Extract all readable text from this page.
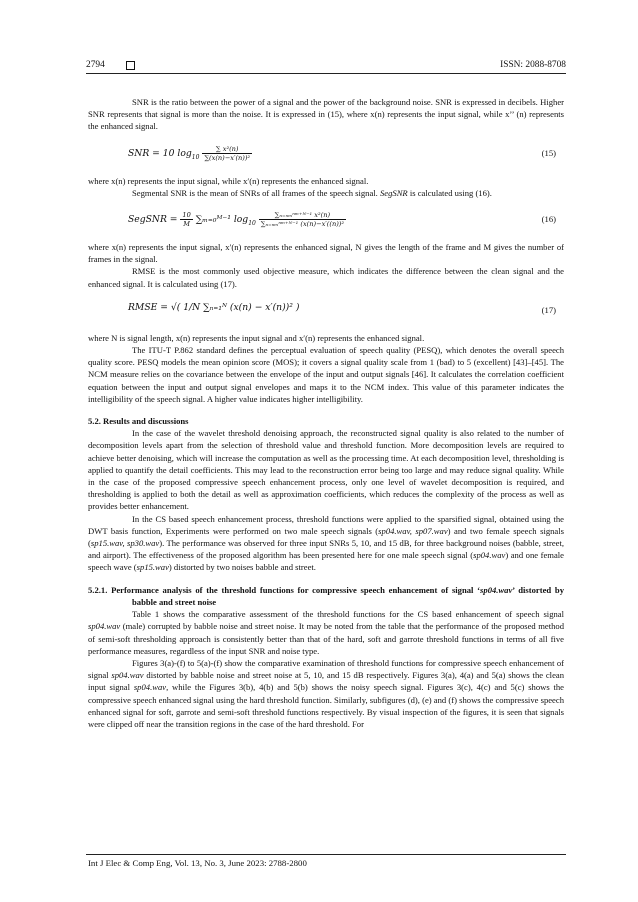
2794	ISSN: 2088-8708

SNR is the ratio between the power of a signal and the power of the background noise. SNR is expressed in decibels. Higher SNR represents that signal is more than the noise. It is expressed in (15), where x(n) represents the input signal, while x’’ (n) represents the enhanced signal.

SNR = 10 $\log_{10} \frac{\text{∑ x²(n)}}{\text{∑(x(n)−x′(n))²}}$	(15)

where x(n) represents the input signal, while x′(n) represents the enhanced signal.

Segmental SNR is the mean of SNRs of all frames of the speech signal. SegSNR is calculated using (16).

SegSNR = $\frac{10}{M}$ ∑ₘ₌₀ᴹ⁻¹ $\log_{10} \frac{\text{∑ₙ₌ₙₘⁿᵐ⁺ᴺ⁻¹ x²(n)}}{\text{∑ₙ₌ₙₘⁿᵐ⁺ᴺ⁻¹ (x(n)−x′((n))²}}$	(16)

where x(n) represents the input signal, x′(n) represents the enhanced signal, N gives the length of the frame and M gives the number of frames in the signal.

RMSE is the most commonly used objective measure, which indicates the difference between the clean signal and the enhanced signal. It is calculated using (17).

RMSE = √( 1/N ∑ₙ₌₁ᴺ (x(n) − x′(n))² )	(17)

where N is signal length, x(n) represents the input signal and x′(n) represents the enhanced signal.

The ITU-T P.862 standard defines the perceptual evaluation of speech quality (PESQ), which denotes the overall speech quality score. PESQ models the mean opinion score (MOS); it covers a signal quality scale from 1 (bad) to 5 (excellent) [43]–[45]. The NCM measure relies on the covariance between the envelope of the input and output signals [46]. It calculates the correlation coefficient equation between the input and output signal envelopes and maps it to the NCM index. This value of this parameter indicates the intelligibility of the speech signal. A higher value indicates higher intelligibility.

5.2. Results and discussions

In the case of the wavelet threshold denoising approach, the reconstructed signal quality is also related to the number of decomposition levels apart from the selection of threshold value and threshold function. More decomposition levels are required to achieve better denoising, which will increase the computation as well as the processing time. At each decomposition level, thresholding is applied to quantify the detail coefficients. This may lead to the reconstruction error being too large and may reduce signal quality. While in the case of the proposed compressive speech enhancement process, only one level of wavelet decomposition is required, and thresholding is applied to both the detail as well as approximation coefficients, which reduces the complexity of the process as well as provides better enhancement.

In the CS based speech enhancement process, threshold functions were applied to the sparsified signal, obtained using the DWT basis function, Experiments were performed on two male speech signals (sp04.wav, sp07.wav) and two female speech signals (sp15.wav, sp30.wav). The performance was observed for three input SNRs 5, 10, and 15 dB, for three background noises (babble, street, and airport). The effectiveness of the proposed algorithm has been presented here for one male speech signal (sp04.wav) and one female speech wave (sp15.wav) distorted by two noises babble and street.

5.2.1. Performance analysis of the threshold functions for compressive speech enhancement of signal ‘sp04.wav’ distorted by babble and street noise

Table 1 shows the comparative assessment of the threshold functions for the CS based enhancement of speech signal sp04.wav (male) corrupted by babble noise and street noise. It may be noted from the table that the performance of the proposed method of semi-soft thresholding approach is consistently better than that of the hard, soft and garrote threshold functions in terms of all five performance measures, regardless of the input SNR and noise type.

Figures 3(a)-(f) to 5(a)-(f) show the comparative examination of threshold functions for compressive speech enhancement of signal sp04.wav distorted by babble noise and street noise at 5, 10, and 15 dB respectively. Figures 3(a), 4(a) and 5(a) shows the clean input signal sp04.wav, while the Figures 3(b), 4(b) and 5(b) shows the noisy speech signal. Figures 3(c), 4(c) and 5(c) shows the compressive speech enhanced signal using the hard threshold function. Similarly, subfigures (d), (e) and (f) shows the compressive speech enhanced signal for soft, garrote and semi-soft threshold functions respectively. By visual inspection of the figures, it is seen that signals were clipped off near the transition regions in the case of the hard threshold. For

Int J Elec & Comp Eng, Vol. 13, No. 3, June 2023: 2788-2800
